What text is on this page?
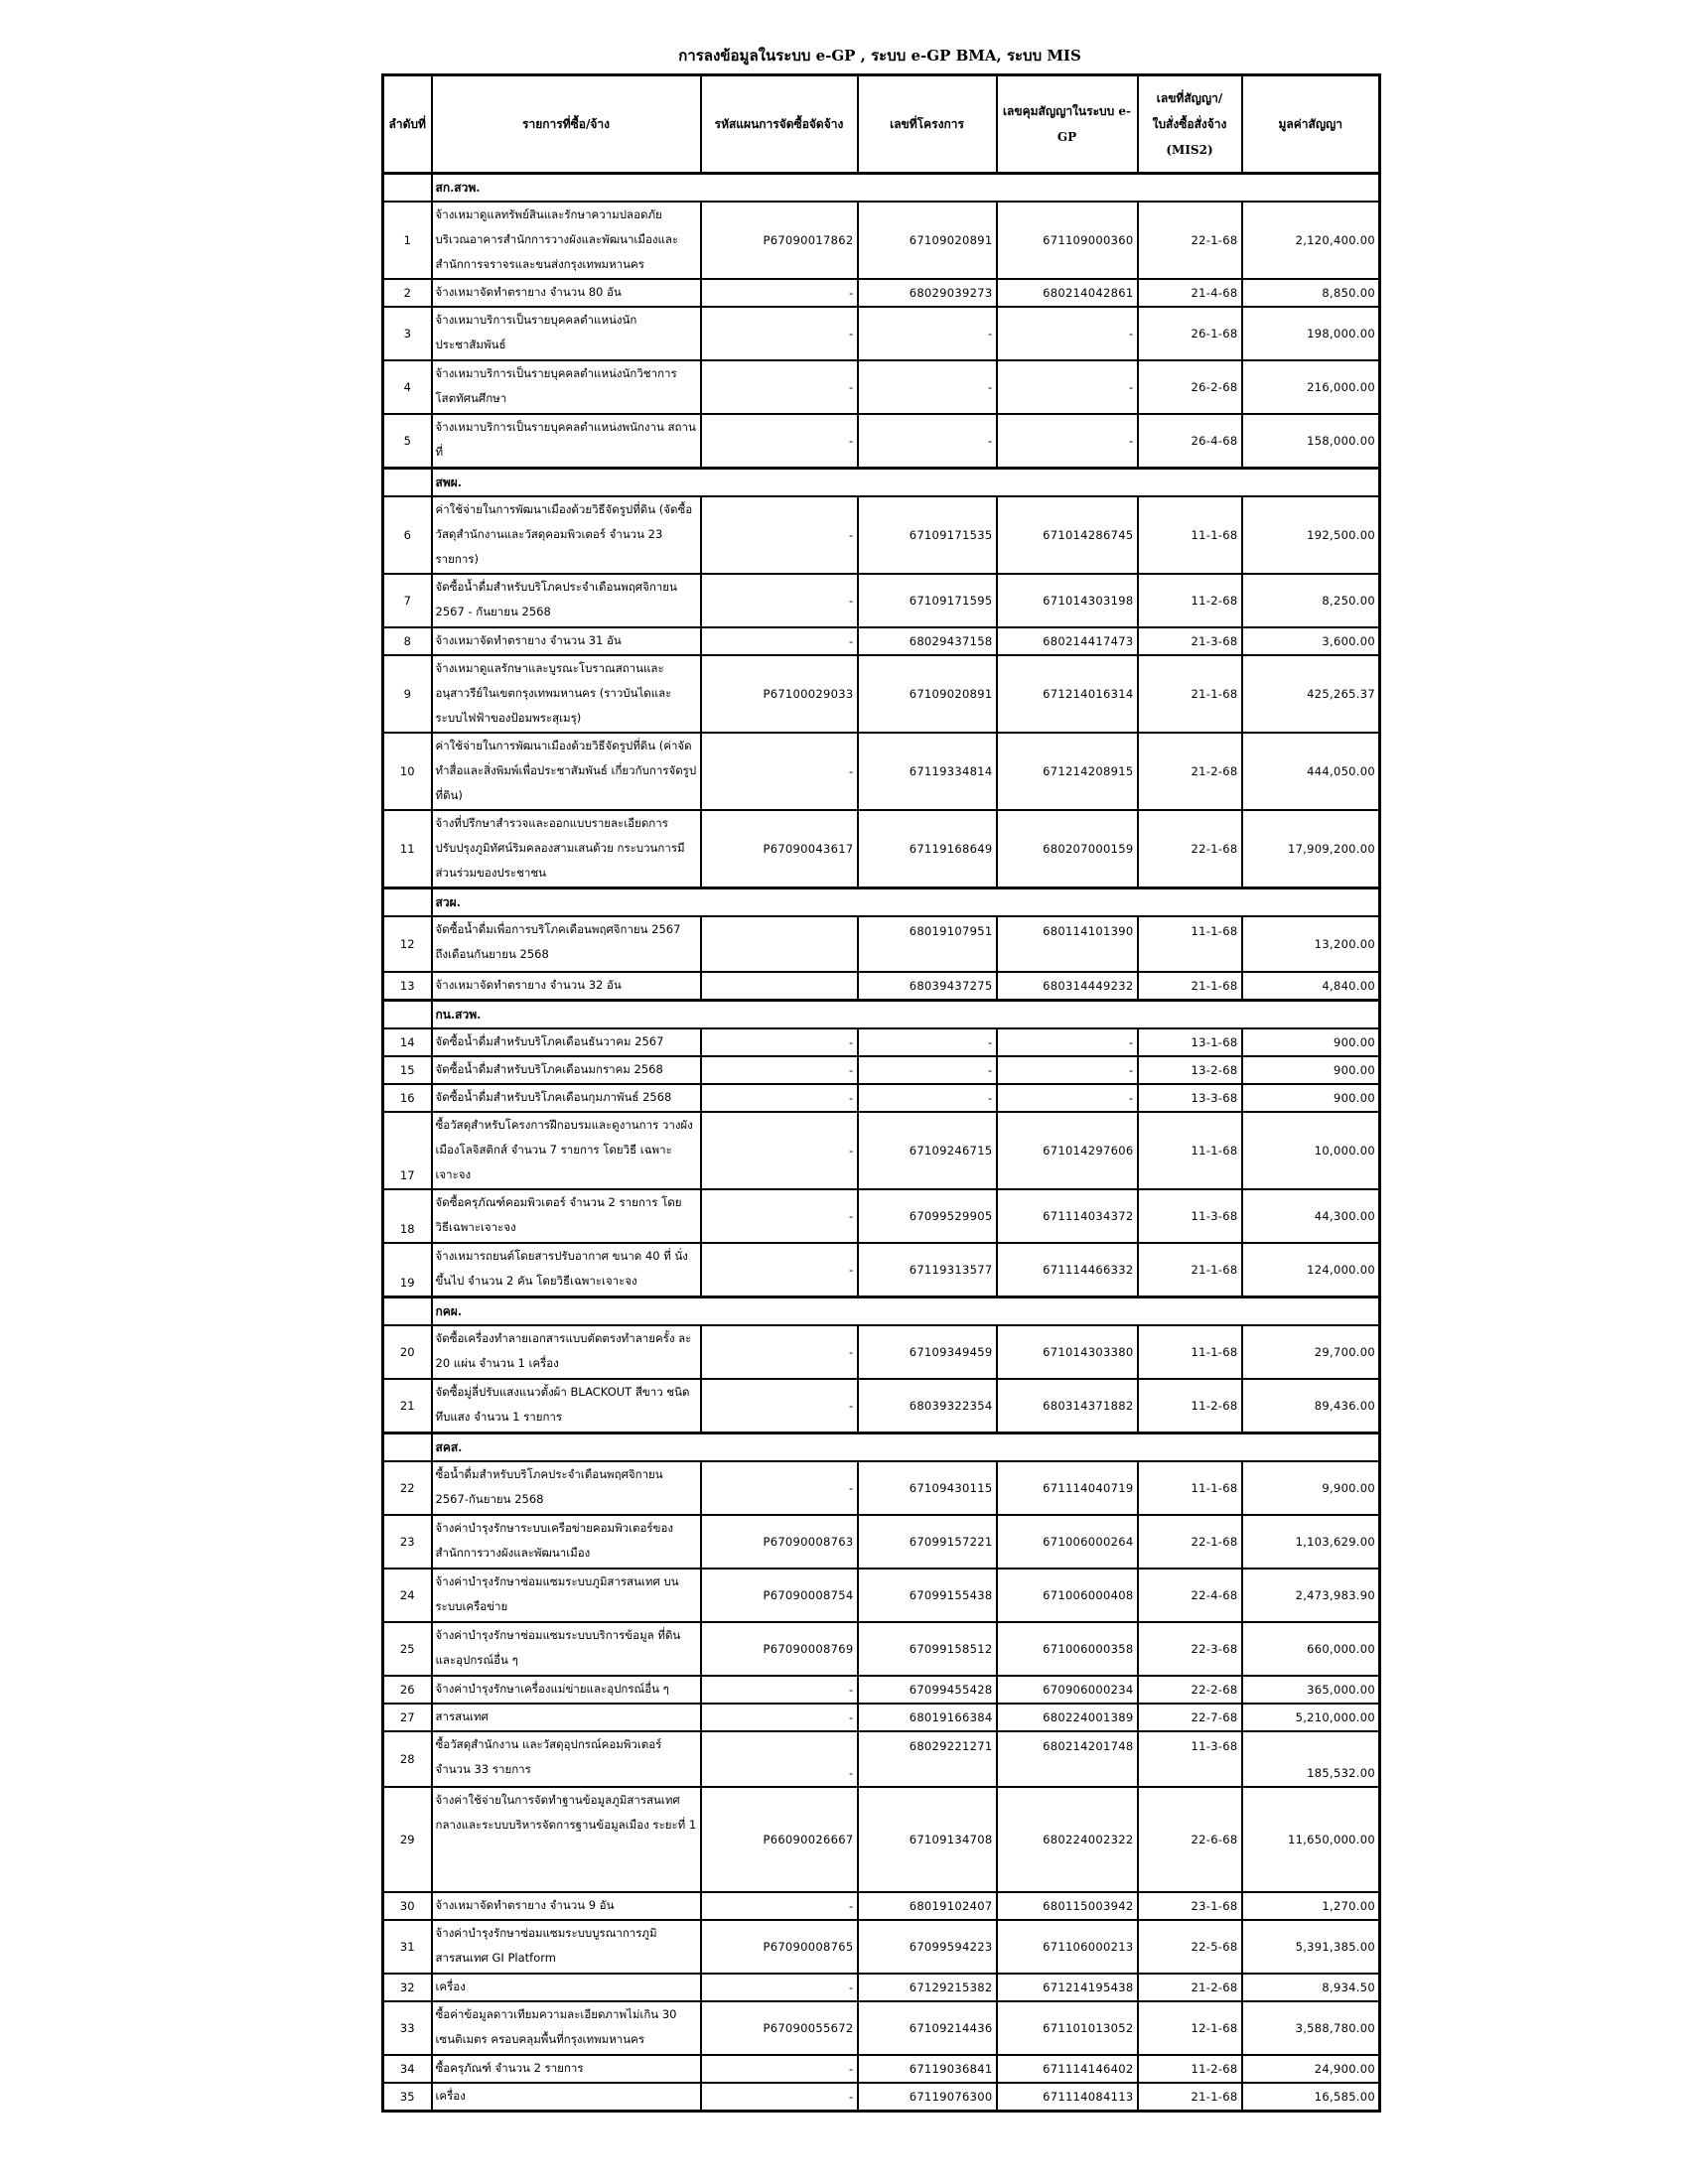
การลงข้อมูลในระบบ e-GP , ระบบ e-GP BMA, ระบบ MIS
ลำดับที่	รายการที่ซื้อ/จ้าง	รหัสแผนการจัดซื้อจัดจ้าง	เลขที่โครงการ	เลขคุมสัญญาในระบบ e-GP	เลขที่สัญญา/ ใบสั่งซื้อสั่งจ้าง (MIS2)	มูลค่าสัญญา
	สก.สวพ.					
1	จ้างเหมาดูแลทรัพย์สินและรักษาความปลอดภัย บริเวณอาคารสำนักการวางผังและพัฒนาเมืองและ สำนักการจราจรและขนส่งกรุงเทพมหานคร	P67090017862	67109020891	671109000360	22-1-68	2,120,400.00
2	จ้างเหมาจัดทำตรายาง จำนวน 80 อัน	-	68029039273	680214042861	21-4-68	8,850.00
3	จ้างเหมาบริการเป็นรายบุคคลตำแหน่งนัก ประชาสัมพันธ์	-	-	-	26-1-68	198,000.00
4	จ้างเหมาบริการเป็นรายบุคคลตำแหน่งนักวิชาการ โสตทัศนศึกษา	-	-	-	26-2-68	216,000.00
5	จ้างเหมาบริการเป็นรายบุคคลตำแหน่งพนักงาน สถานที่	-	-	-	26-4-68	158,000.00
	สพผ.					
6	ค่าใช้จ่ายในการพัฒนาเมืองด้วยวิธีจัดรูปที่ดิน (จัดซื้อวัสดุสำนักงานและวัสดุคอมพิวเตอร์ จำนวน 23 รายการ)	-	67109171535	671014286745	11-1-68	192,500.00
7	จัดซื้อน้ำดื่มสำหรับบริโภคประจำเดือนพฤศจิกายน 2567 - กันยายน 2568	-	67109171595	671014303198	11-2-68	8,250.00
8	จ้างเหมาจัดทำตรายาง จำนวน 31 อัน	-	68029437158	680214417473	21-3-68	3,600.00
9	จ้างเหมาดูแลรักษาและบูรณะโบราณสถานและ อนุสาวรีย์ในเขตกรุงเทพมหานคร (ราวบันไดและ ระบบไฟฟ้าของป้อมพระสุเมรุ)	P67100029033	67109020891	671214016314	21-1-68	425,265.37
10	ค่าใช้จ่ายในการพัฒนาเมืองด้วยวิธีจัดรูปที่ดิน (ค่าจัดทำสื่อและสิ่งพิมพ์เพื่อประชาสัมพันธ์ เกี่ยวกับการจัดรูปที่ดิน)	-	67119334814	671214208915	21-2-68	444,050.00
11	จ้างที่ปรึกษาสำรวจและออกแบบรายละเอียดการ ปรับปรุงภูมิทัศน์ริมคลองสามเสนด้วย กระบวนการมีส่วนร่วมของประชาชน	P67090043617	67119168649	680207000159	22-1-68	17,909,200.00
	สวผ.					
12	จัดซื้อน้ำดื่มเพื่อการบริโภคเดือนพฤศจิกายน 2567 ถึงเดือนกันยายน 2568		68019107951	680114101390	11-1-68	13,200.00
13	จ้างเหมาจัดทำตรายาง จำนวน 32 อัน		68039437275	680314449232	21-1-68	4,840.00
	กน.สวพ.					
14	จัดซื้อน้ำดื่มสำหรับบริโภคเดือนธันวาคม 2567	-	-	-	13-1-68	900.00
15	จัดซื้อน้ำดื่มสำหรับบริโภคเดือนมกราคม 2568	-	-	-	13-2-68	900.00
16	จัดซื้อน้ำดื่มสำหรับบริโภคเดือนกุมภาพันธ์ 2568	-	-	-	13-3-68	900.00
17	ซื้อวัสดุสำหรับโครงการฝึกอบรมและดูงานการ วางผังเมืองโลจิสติกส์ จำนวน 7 รายการ โดยวิธี เฉพาะเจาะจง	-	67109246715	671014297606	11-1-68	10,000.00
18	จัดซื้อครุภัณฑ์คอมพิวเตอร์ จำนวน 2 รายการ โดย วิธีเฉพาะเจาะจง	-	67099529905	671114034372	11-3-68	44,300.00
19	จ้างเหมารถยนต์โดยสารปรับอากาศ ขนาด 40 ที่ นั่งขึ้นไป จำนวน 2 คัน โดยวิธีเฉพาะเจาะจง	-	67119313577	671114466332	21-1-68	124,000.00
	กคผ.					
20	จัดซื้อเครื่องทำลายเอกสารแบบตัดตรงทำลายครั้ง ละ 20 แผ่น จำนวน 1 เครื่อง	-	67109349459	671014303380	11-1-68	29,700.00
21	จัดซื้อมู่ลี่ปรับแสงแนวตั้งผ้า BLACKOUT สีขาว ชนิดทึบแสง จำนวน 1 รายการ	-	68039322354	680314371882	11-2-68	89,436.00
	สคส.					
22	ซื้อน้ำดื่มสำหรับบริโภคประจำเดือนพฤศจิกายน 2567-กันยายน 2568	-	67109430115	671114040719	11-1-68	9,900.00
23	จ้างค่าบำรุงรักษาระบบเครือข่ายคอมพิวเตอร์ของ สำนักการวางผังและพัฒนาเมือง	P67090008763	67099157221	671006000264	22-1-68	1,103,629.00
24	จ้างค่าบำรุงรักษาซ่อมแซมระบบภูมิสารสนเทศ บนระบบเครือข่าย	P67090008754	67099155438	671006000408	22-4-68	2,473,983.90
25	จ้างค่าบำรุงรักษาซ่อมแซมระบบบริการข้อมูล ที่ดินและอุปกรณ์อื่น ๆ	P67090008769	67099158512	671006000358	22-3-68	660,000.00
26	จ้างค่าบำรุงรักษาเครื่องแม่ข่ายและอุปกรณ์อื่น ๆ	-	67099455428	670906000234	22-2-68	365,000.00
27	สารสนเทศ	-	68019166384	680224001389	22-7-68	5,210,000.00
28	ซื้อวัสดุสำนักงาน และวัสดุอุปกรณ์คอมพิวเตอร์ จำนวน 33 รายการ	-	68029221271	680214201748	11-3-68	185,532.00
29	จ้างค่าใช้จ่ายในการจัดทำฐานข้อมูลภูมิสารสนเทศ กลางและระบบบริหารจัดการฐานข้อมูลเมือง ระยะที่ 1	P66090026667	67109134708	680224002322	22-6-68	11,650,000.00
30	จ้างเหมาจัดทำตรายาง จำนวน 9 อัน	-	68019102407	680115003942	23-1-68	1,270.00
31	จ้างค่าบำรุงรักษาซ่อมแซมระบบบูรณาการภูมิ สารสนเทศ GI Platform	P67090008765	67099594223	671106000213	22-5-68	5,391,385.00
32	เครื่อง	-	67129215382	671214195438	21-2-68	8,934.50
33	ซื้อค่าข้อมูลดาวเทียมความละเอียดภาพไม่เกิน 30 เซนติเมตร ครอบคลุมพื้นที่กรุงเทพมหานคร	P67090055672	67109214436	671101013052	12-1-68	3,588,780.00
34	ซื้อครุภัณฑ์ จำนวน 2 รายการ	-	67119036841	671114146402	11-2-68	24,900.00
35	เครื่อง	-	67119076300	671114084113	21-1-68	16,585.00
